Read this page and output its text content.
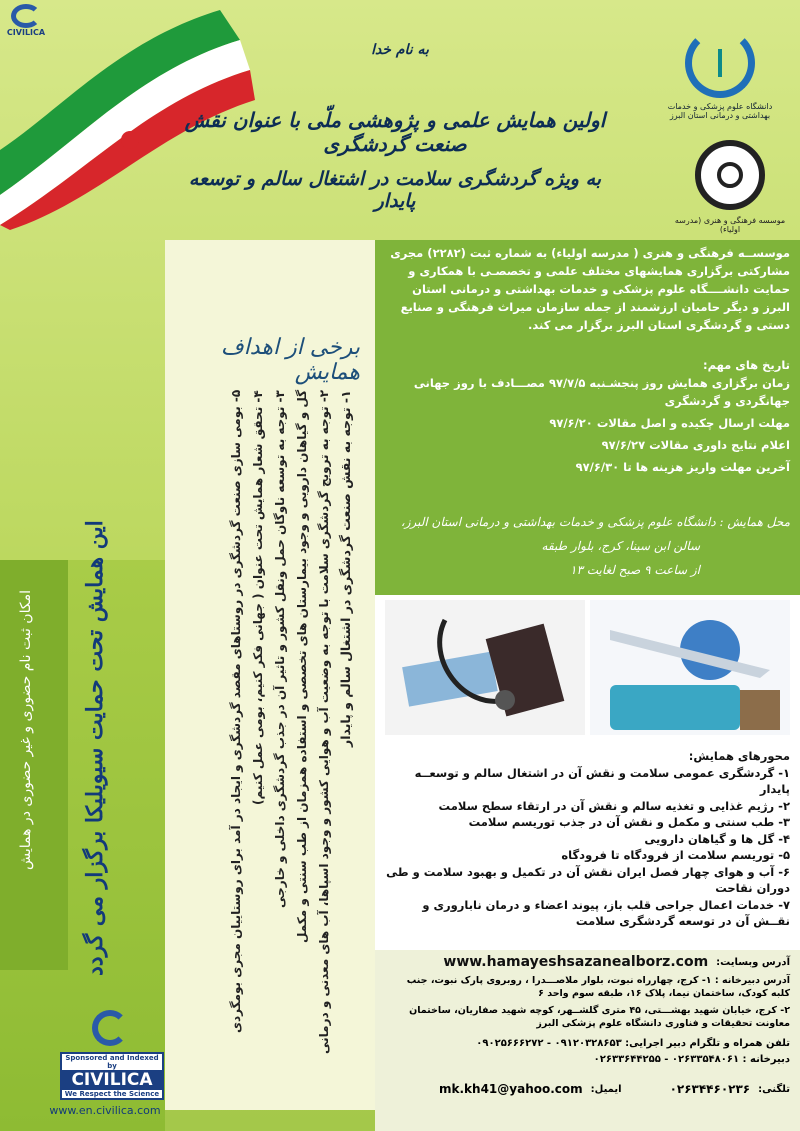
CIVILICA
به نام خدا
اولین همایش علمی و پژوهشی ملّی با عنوان نقش صنعت گردشگری
به ویژه گردشگری سلامت در اشتغال سالم و توسعه پایدار
دانشگاه علوم پزشکی و خدمات بهداشتی و درمانی استان البرز
موسسه فرهنگی و هنری (مدرسه اولیاء)
امکان ثبت نام حضوری و غیر حضوری در همایش این همایش تحت حمایت سیویلیکا برگزار می گردد
Sponsored and Indexed by
CIVILICA
We Respect the Science
www.en.civilica.com
برخی از اهداف همایش
۱- توجه به نقش صنعت گردشگری در اشتغال سالم و پایدار
۲- توجه به ترویج گردشگری سلامت با توجه به وضعیت آب و هوایی کشور و وجود اسپاها، آب های معدنی و درمانی
گل و گیاهان دارویی و وجود بیمارستان های تخصصی و استفاده همزمان از طب سنتی و مکمل
۳- توجه به توسعه ناوگان حمل ونقل کشور و تاثیر آن در جذب گردشگری داخلی و خارجی
۴- تحقق شعار همایش تحت عنوان ( جهانی فکر کنیم، بومی عمل کنیم)
۵- بومی سازی صنعت گردشگری در روستاهای مقصد گردشگری و ایجاد در آمد برای روستاییان مجری بومگردی
موسســه فرهنگی و هنری ( مدرسه اولیاء) به شماره ثبت (۲۲۸۲) مجری مشارکتی برگزاری همایشهای مختلف علمی و تخصصـی با همکاری و حمایت دانشــــگاه علوم پزشکی و خدمات بهداشتی و درمانی استان البرز و دیگر حامیان ارزشمند از جمله سازمان میراث فرهنگی و صنایع دستی و گردشگری استان البرز برگزار می کند.
تاریخ های مهم:
زمان برگزاری همایش روز پنجشـنبه ۹۷/۷/۵ مصـــادف با روز جهانی جهانگردی و گردشگری
مهلت ارسال چکیده و اصل مقالات ۹۷/۶/۲۰
اعلام نتایج داوری مقالات ۹۷/۶/۲۷
آخرین مهلت واریز هزینه ها تا ۹۷/۶/۳۰
محل همایش : دانشگاه علوم پزشکی و خدمات بهداشتی و درمانی استان البرز،
سالن ابن سینا، کرج، بلوار طبقه
از ساعت ۹ صبح لغایت ۱۳
محورهای همایش:
۱- گردشگری عمومی سلامت و نقش آن در اشتغال سالم و توسعــه پایدار
۲- رژیم غذایی و تغذیه سالم و نقش آن در ارتقاء سطح سلامت
۳- طب سنتی و مکمل و نقش آن در جذب توریسم سلامت
۴- گل ها و گیاهان دارویی
۵- توریسم سلامت از فرودگاه تا فرودگاه
۶- آب و هوای چهار فصل ایران نقش آن در تکمیل و بهبود سلامت و طی دوران نقاحت
۷- خدمات اعمال جراحی قلب باز، پیوند اعضاء و درمان ناباروری و نقــش آن در توسعه گردشگری سلامت
آدرس وبسایت:
www.hamayeshsazanealborz.com
آدرس دبیرخانه : ۱- کرج، چهارراه نبوت، بلوار ملاصـــدرا ، روبروی پارک نبوت، جنب کلبه کودک، ساختمان نیما، پلاک ۱۶، طبقه سوم واحد ۶
۲- کرج، خیابان شهید بهشـــتی، ۴۵ متری گلشــهر، کوچه شهید صفاریان، ساختمان معاونت تحقیقات و فناوری دانشگاه علوم پزشکی البرز
تلفن همراه و تلگرام دبیر اجرایی: ۰۹۱۲۰۳۲۸۶۵۳ - ۰۹۰۲۵۶۶۶۲۷۲
دبیرخانه : ۰۲۶۳۳۵۴۸۰۶۱ - ۰۲۶۳۳۶۴۴۲۵۵
تلگنی:
۰۲۶۳۴۴۶۰۲۳۶
ایمیل:
mk.kh41@yahoo.com
